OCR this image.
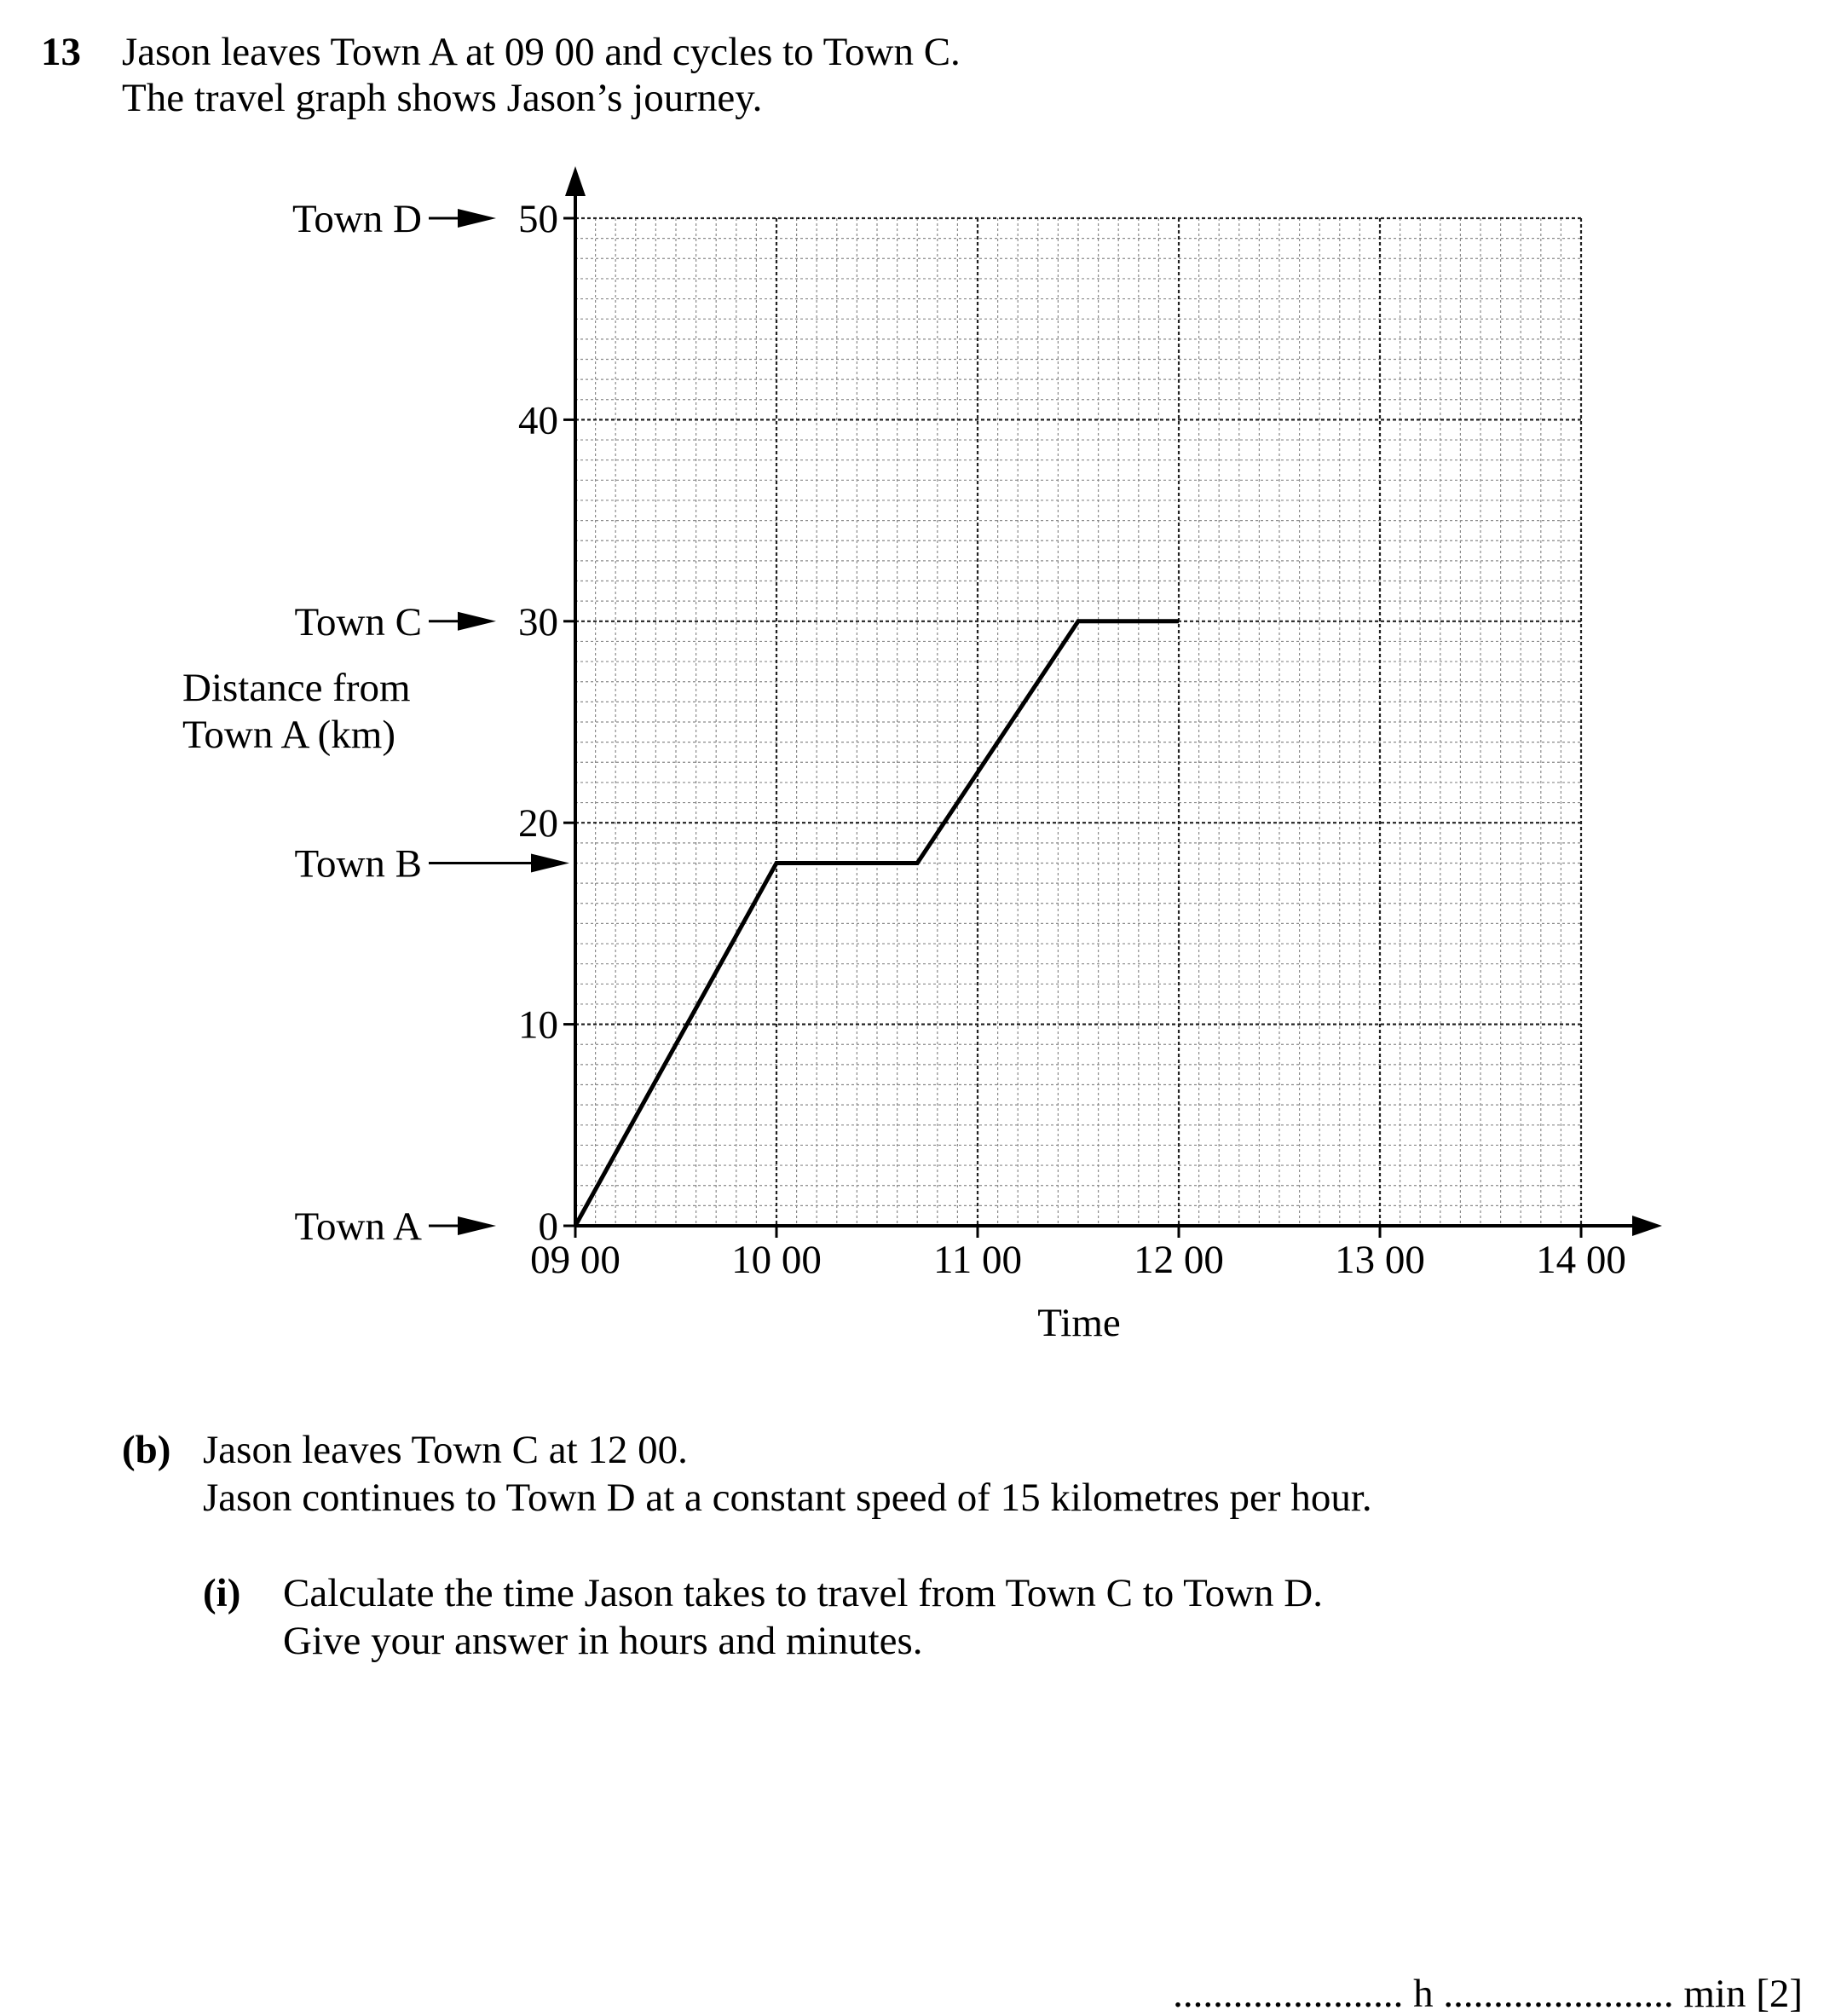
13 Jason leaves Town A at 09 00 and cycles to Town C.
The travel graph shows Jason’s journey.
0
10
20
30
40
50
09 00	10 00	11 00	12 00	13 00	14 00
Town D
Town C
Town B
Town A
Time
Distance from
Town A (km)
(b) Jason leaves Town C at 12 00.
Jason continues to Town D at a constant speed of 15 kilometres per hour.
(i) Calculate the time Jason takes to travel from Town C to Town D.
Give your answer in hours and minutes.
....................... h ....................... min [2]
